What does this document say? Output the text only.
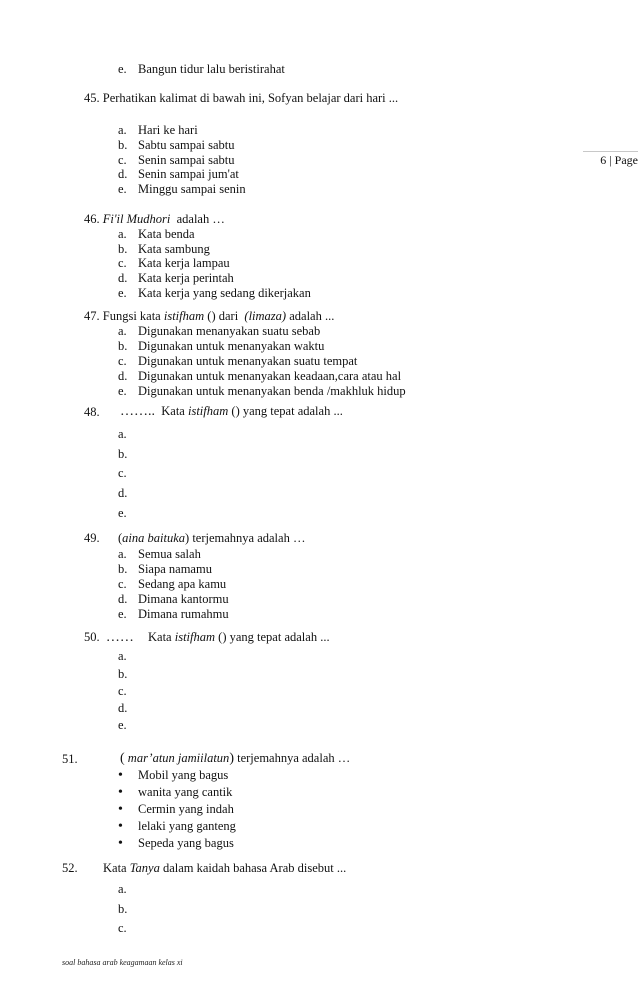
e. Bangun tidur lalu beristirahat
45. Perhatikan kalimat di bawah ini, Sofyan belajar dari hari ...
a. Hari ke hari
b. Sabtu sampai sabtu
c. Senin sampai sabtu
d. Senin sampai jum'at
e. Minggu sampai senin
6 | Page
46. Fi'il Mudhori adalah …
a. Kata benda
b. Kata sambung
c. Kata kerja lampau
d. Kata kerja perintah
e. Kata kerja yang sedang dikerjakan
47. Fungsi kata istifham () dari (limaza) adalah ...
a. Digunakan menanyakan suatu sebab
b. Digunakan untuk menanyakan waktu
c. Digunakan untuk menanyakan suatu tempat
d. Digunakan untuk menanyakan keadaan,cara atau hal
e. Digunakan untuk menanyakan benda /makhluk hidup
48. …….. Kata istifham () yang tepat adalah ...
a.
b.
c.
d.
e.
49. (aina baituka) terjemahnya adalah …
a. Semua salah
b. Siapa namamu
c. Sedang apa kamu
d. Dimana kantormu
e. Dimana rumahmu
50. …… Kata istifham () yang tepat adalah ...
a.
b.
c.
d.
e.
51.	( mar’atun jamiilatun) terjemahnya adalah …
• Mobil yang bagus
• wanita yang cantik
• Cermin yang indah
• lelaki yang ganteng
• Sepeda yang bagus
52. Kata Tanya dalam kaidah bahasa Arab disebut ...
a.
b.
c.
soal bahasa arab keagamaan kelas xi
